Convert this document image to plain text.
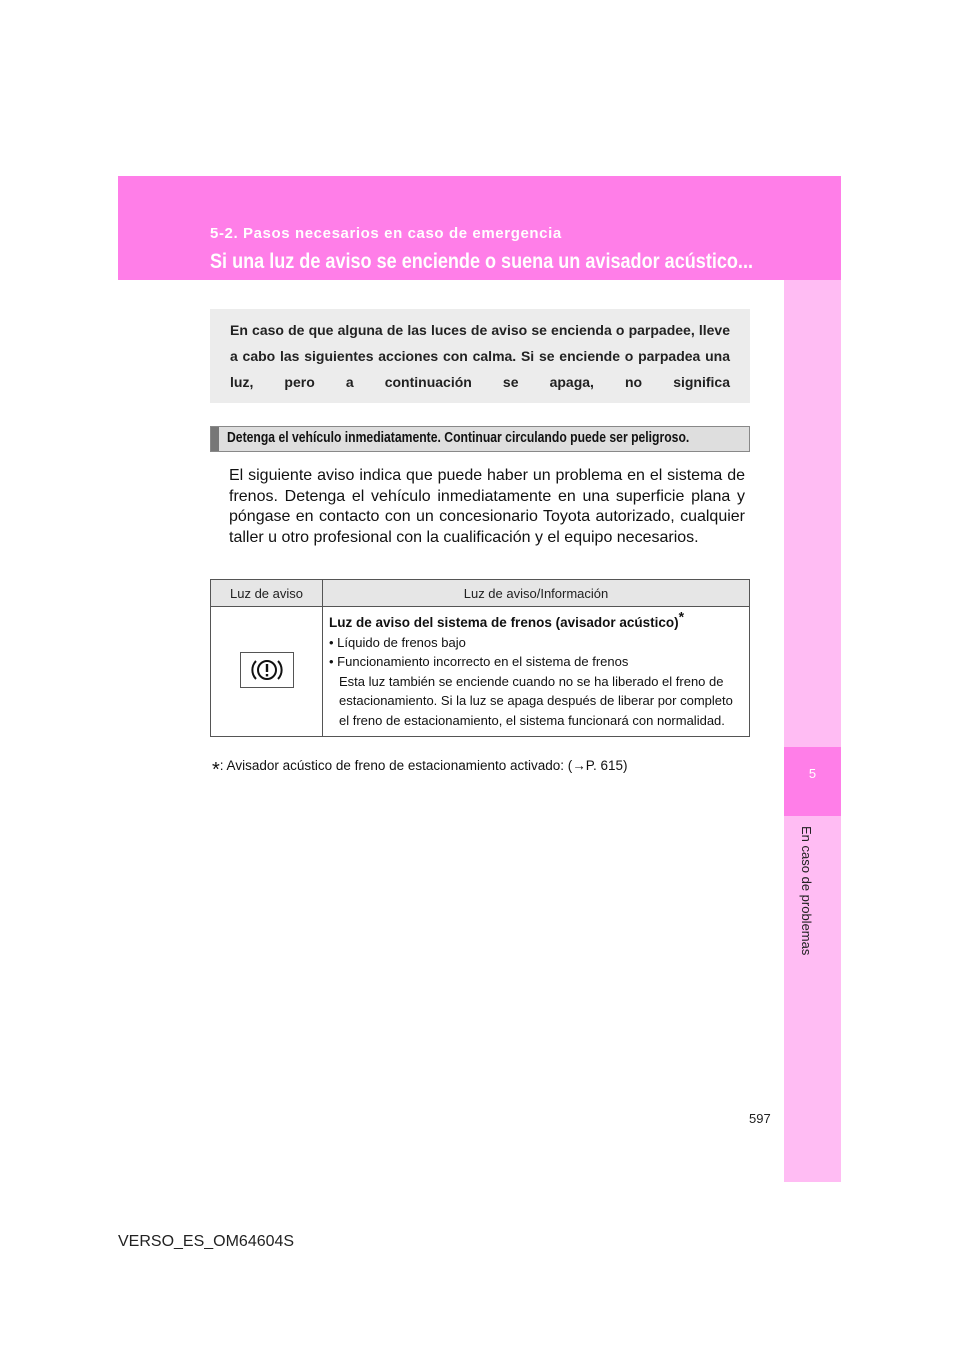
5-2. Pasos necesarios en caso de emergencia
Si una luz de aviso se enciende o suena un avisador acústico...
5
En caso de problemas

En caso de que alguna de las luces de aviso se encienda o parpadee, lleve a cabo las siguientes acciones con calma. Si se enciende o parpadea una luz, pero a continuación se apaga, no significa

Detenga el vehículo inmediatamente. Continuar circulando puede ser peligroso.

El siguiente aviso indica que puede haber un problema en el sistema de frenos. Detenga el vehículo inmediatamente en una superficie plana y póngase en contacto con un concesionario Toyota autorizado, cualquier taller u otro profesional con la cualificación y el equipo necesarios.

Luz de aviso	Luz de aviso/Información

Luz de aviso del sistema de frenos (avisador acústico)*
• Líquido de frenos bajo
• Funcionamiento incorrecto en el sistema de frenos
Esta luz también se enciende cuando no se ha liberado el freno de estacionamiento. Si la luz se apaga después de liberar por completo el freno de estacionamiento, el sistema funcionará con normalidad.
*: Avisador acústico de freno de estacionamiento activado: (→P. 615)
597
VERSO_ES_OM64604S
